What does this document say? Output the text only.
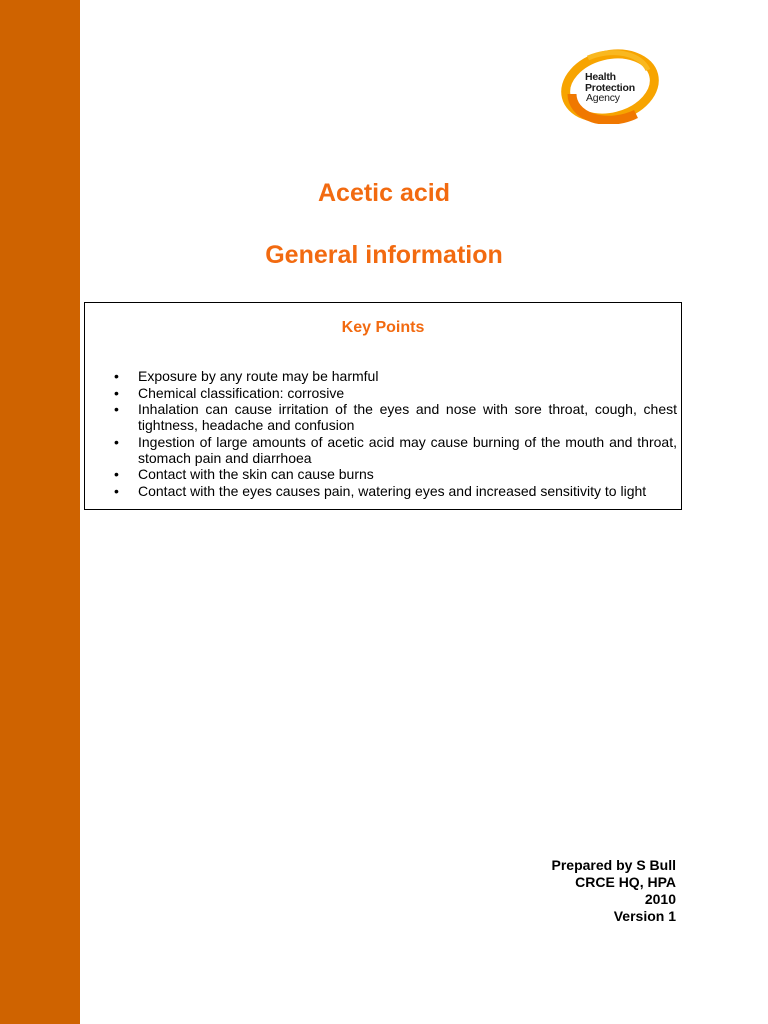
Health
Protection
Agency
Acetic acid
General information
Key Points
• Exposure by any route may be harmful
• Chemical classification: corrosive
• Inhalation can cause irritation of the eyes and nose with sore throat, cough, chest tightness, headache and confusion
• Ingestion of large amounts of acetic acid may cause burning of the mouth and throat, stomach pain and diarrhoea
• Contact with the skin can cause burns
• Contact with the eyes causes pain, watering eyes and increased sensitivity to light
Prepared by S Bull
CRCE HQ, HPA
2010
Version 1
